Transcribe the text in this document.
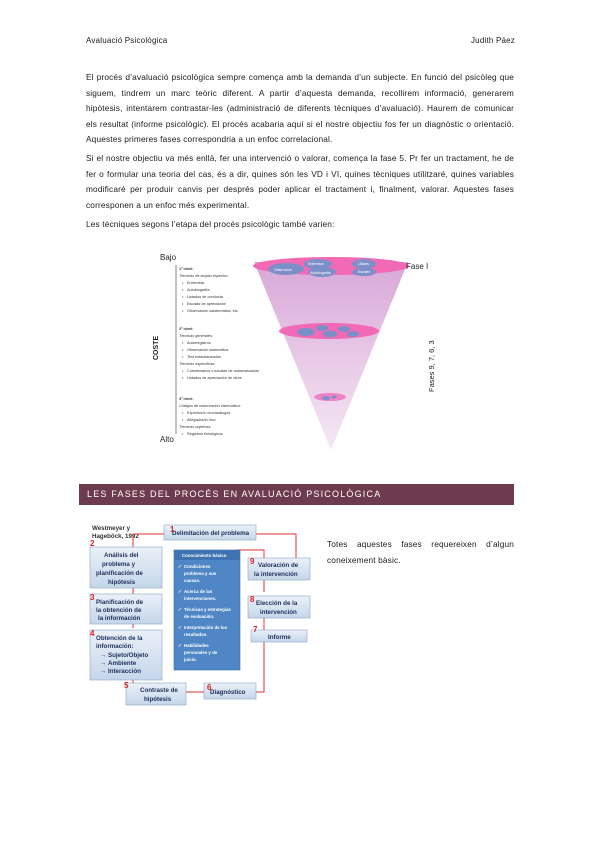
Avaluació Psicològica	Judith Páez
El procés d’avaluació psicològica sempre comença amb la demanda d’un subjecte. En funció del psicòleg que siguem, tindrem un marc teòric diferent. A partir d’aquesta demanda, recollirem informació, generarem hipòtesis, intentarem contrastar-les (administració de diferents tècniques d’avaluació). Haurem de comunicar els resultat (informe psicològic). El procés acabaria aquí si el nostre objectiu fos fer un diagnòstic o orientació. Aquestes primeres fases correspondria a un enfoc correlacional.
Si el nostre objectiu va més enllà, fer una intervenció o valorar, comença la fase 5. Pr fer un tractament, he de fer o formular una teoria del cas, és a dir, quines són les VD i VI, quines tècniques utilitzaré, quines variables modificaré per produir canvis per després poder aplicar el tractament i, finalment, valorar. Aquestes fases corresponen a un enfoc més experimental.
Les tècniques segons l’etapa del procés psicològic també varien:
Observació
Entrevista
Autobiografia
Llistats
Escales
Bajo
Alto
COSTE
Fase I
Fases 9, 7, 6, 3
1º nivel:
Técnicas de amplio espectro:
• Entrevista
• Autobiografía
• Listados de conducta
• Escalas de apreciación
• Observación asistemática, etc.
2º nivel:
Técnicas generales:
• Autorregistros
• Observación sistemática
• Test estandarizados
Técnicas específicas:
• Cuestionarios o escalas de autoevaluación
• Listados de apreciación de otros
3º nivel:
Códigos de observación sistemática:
• Expertos/in vivo/análogos
• Allegados/in vivo
Técnicas objetivas:
• Registros fisiológicos
LES FASES DEL PROCÉS EN AVALUACIÓ PSICOLÒGICA
Westmeyer y
Hageböck, 1992	Delimitación del problema
Análisis del
problema y
planificación de
hipótesis
Planificación de
la obtención de
la información
Obtención de la
información:
→ Sujeto/Objeto
→ Ambiente
→ Interacción
Contraste de
hipótesis
Diagnóstico
Informe
Elección de la
intervención
Valoración de
la intervención
Conocimiento básico
✓ Condiciones
problema y sus
causas.
✓ Acerca de las
intervenciones.
✓ Técnicas y estrategias
de evaluación.
✓ Interpretación de los
resultados.
✓ Habilidades
personales y de
juicio.
1
2
3
4
5	6
7
8
9
Totes aquestes fases requereixen d’algun coneixement bàsic.
